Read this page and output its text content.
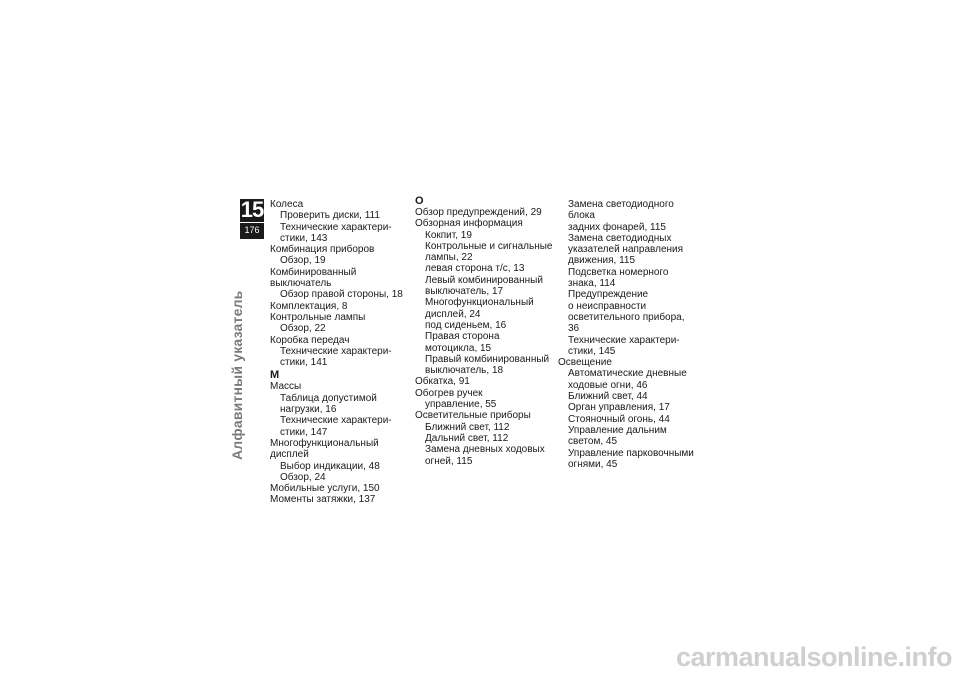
15
176
Алфавитный указатель

Колеса

Проверить диски, 111

Технические характери-

стики, 143

Комбинация приборов

Обзор, 19

Комбинированный выключатель

Обзор правой стороны, 18

Комплектация, 8

Контрольные лампы

Обзор, 22

Коробка передач

Технические характери-

стики, 141

М

Массы

Таблица допустимой

нагрузки, 16

Технические характери-

стики, 147

Многофункциональный дисплей

Выбор индикации, 48

Обзор, 24

Мобильные услуги, 150

Моменты затяжки, 137

О

Обзор предупреждений, 29

Обзорная информация

Кокпит, 19

Контрольные и сигнальные

лампы, 22

левая сторона т/с, 13

Левый комбинированный

выключатель, 17

Многофункциональный

дисплей, 24

под сиденьем, 16

Правая сторона

мотоцикла, 15

Правый комбинированный

выключатель, 18

Обкатка, 91

Обогрев ручек

управление, 55

Осветительные приборы

Ближний свет, 112

Дальний свет, 112

Замена дневных ходовых

огней, 115

Замена светодиодного блока

задних фонарей, 115

Замена светодиодных

указателей направления

движения, 115

Подсветка номерного

знака, 114

Предупреждение

о неисправности

осветительного прибора, 36

Технические характери-

стики, 145

Освещение

Автоматические дневные

ходовые огни, 46

Ближний свет, 44

Орган управления, 17

Стояночный огонь, 44

Управление дальним

светом, 45

Управление парковочными

огнями, 45

carmanualsonline.info
